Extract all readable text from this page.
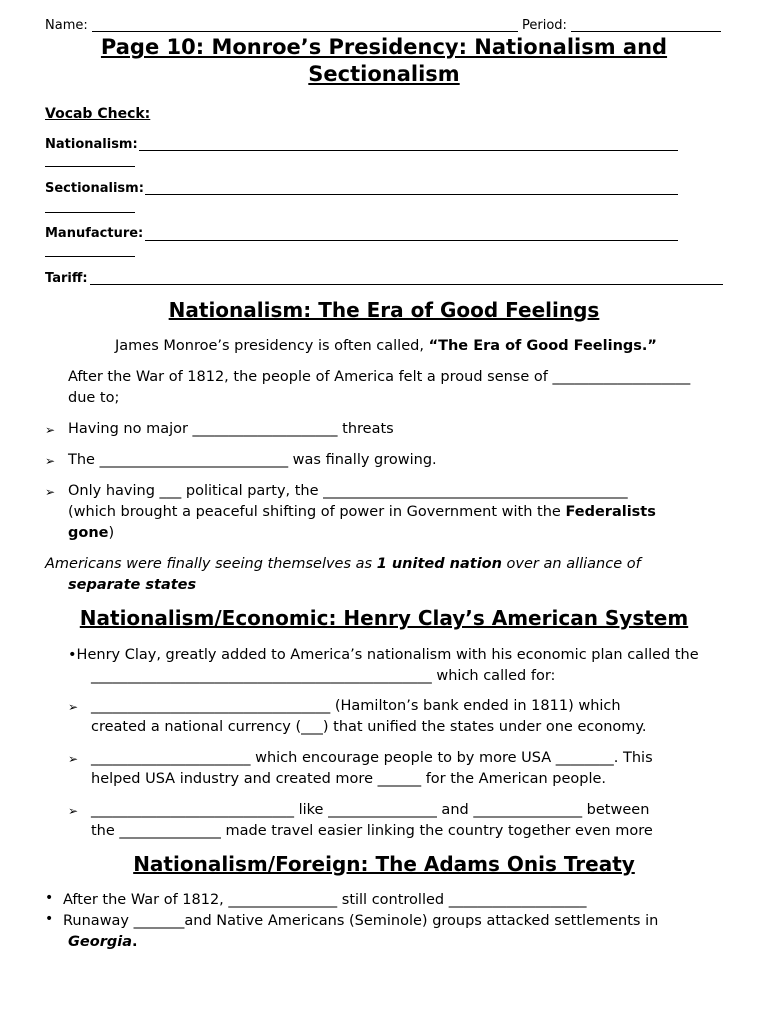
Name:	Period:
Page 10: Monroe’s Presidency: Nationalism and
Sectionalism
Vocab Check:
Nationalism:
Sectionalism:
Manufacture:
Tariff:
Nationalism: The Era of Good Feelings
James Monroe’s presidency is often called, “The Era of Good Feelings.”
After the War of 1812, the people of America felt a proud sense of ___________________
due to;
➢ Having no major ____________________ threats
➢ The __________________________ was finally growing.
➢ Only having ___ political party, the __________________________________________
(which brought a peaceful shifting of power in Government with the Federalists
gone)
Americans were finally seeing themselves as 1 united nation over an alliance of
separate states
Nationalism/Economic: Henry Clay’s American System
•Henry Clay, greatly added to America’s nationalism with his economic plan called the
_______________________________________________ which called for:
➢ _________________________________ (Hamilton’s bank ended in 1811) which
created a national currency (___) that unified the states under one economy.
➢ ______________________ which encourage people to by more USA ________. This
helped USA industry and created more ______ for the American people.
➢ ____________________________ like _______________ and _______________ between
the ______________ made travel easier linking the country together even more
Nationalism/Foreign: The Adams Onis Treaty
• After the War of 1812, _______________ still controlled ___________________
• Runaway _______and Native Americans (Seminole) groups attacked settlements in
Georgia.
